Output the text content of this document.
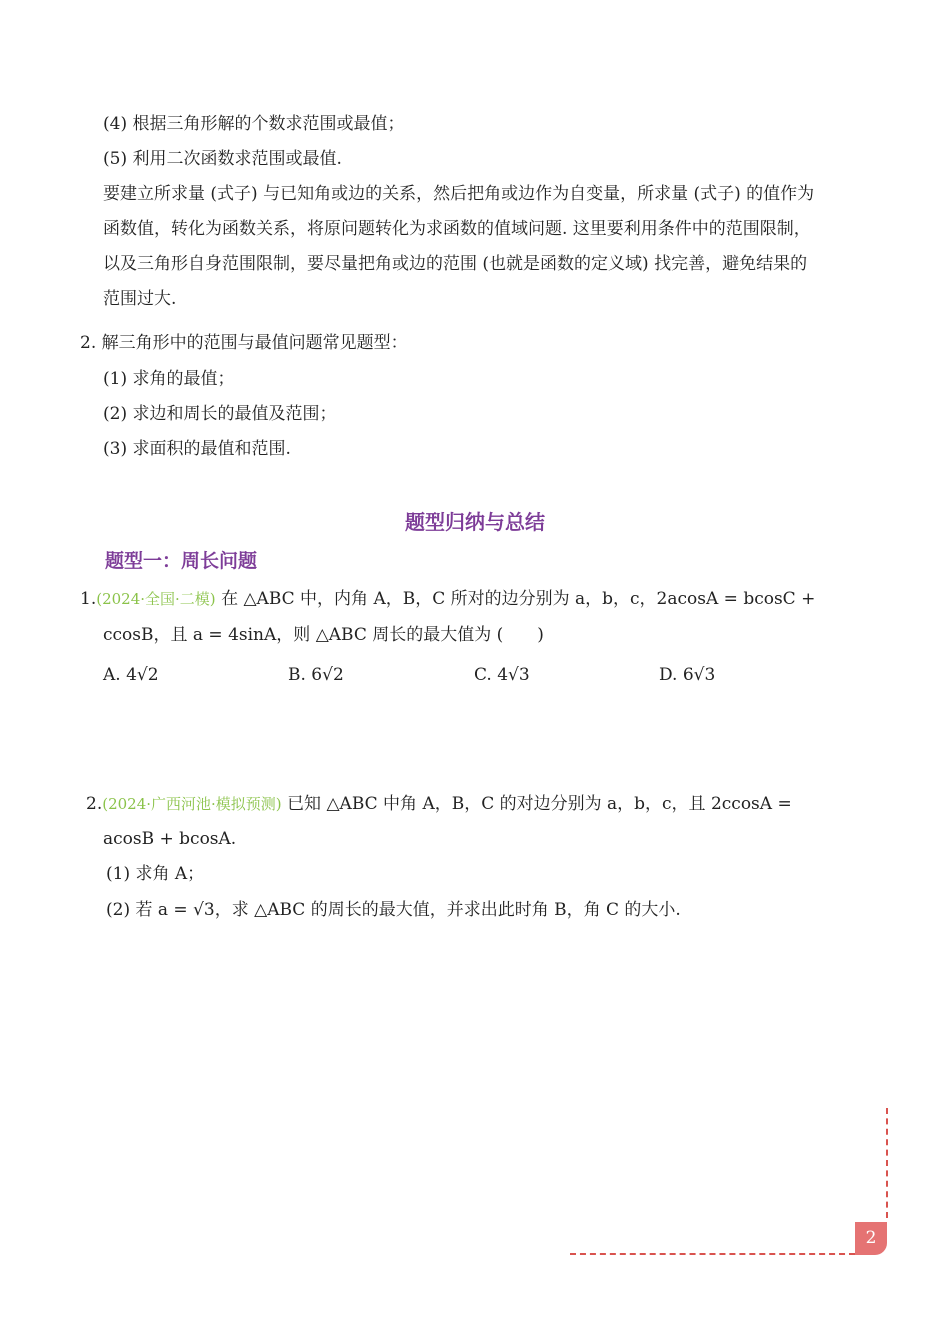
(4) 根据三角形解的个数求范围或最值；
(5) 利用二次函数求范围或最值.
要建立所求量 (式子) 与已知角或边的关系，然后把角或边作为自变量，所求量 (式子) 的值作为
函数值，转化为函数关系，将原问题转化为求函数的值域问题. 这里要利用条件中的范围限制，
以及三角形自身范围限制，要尽量把角或边的范围 (也就是函数的定义域) 找完善，避免结果的
范围过大.
2. 解三角形中的范围与最值问题常见题型：
(1) 求角的最值；
(2) 求边和周长的最值及范围；
(3) 求面积的最值和范围.
题型归纳与总结
题型一：周长问题
1.(2024·全国·二模) 在 △ABC 中，内角 A，B，C 所对的边分别为 a，b，c，2acosA = bcosC +
ccosB，且 a = 4sinA，则 △ABC 周长的最大值为 (　　)
A. 4√2	B. 6√2	C. 4√3	D. 6√3
2.(2024·广西河池·模拟预测) 已知 △ABC 中角 A，B，C 的对边分别为 a，b，c，且 2ccosA =
acosB + bcosA.
(1) 求角 A；
(2) 若 a = √3，求 △ABC 的周长的最大值，并求出此时角 B，角 C 的大小.
2
